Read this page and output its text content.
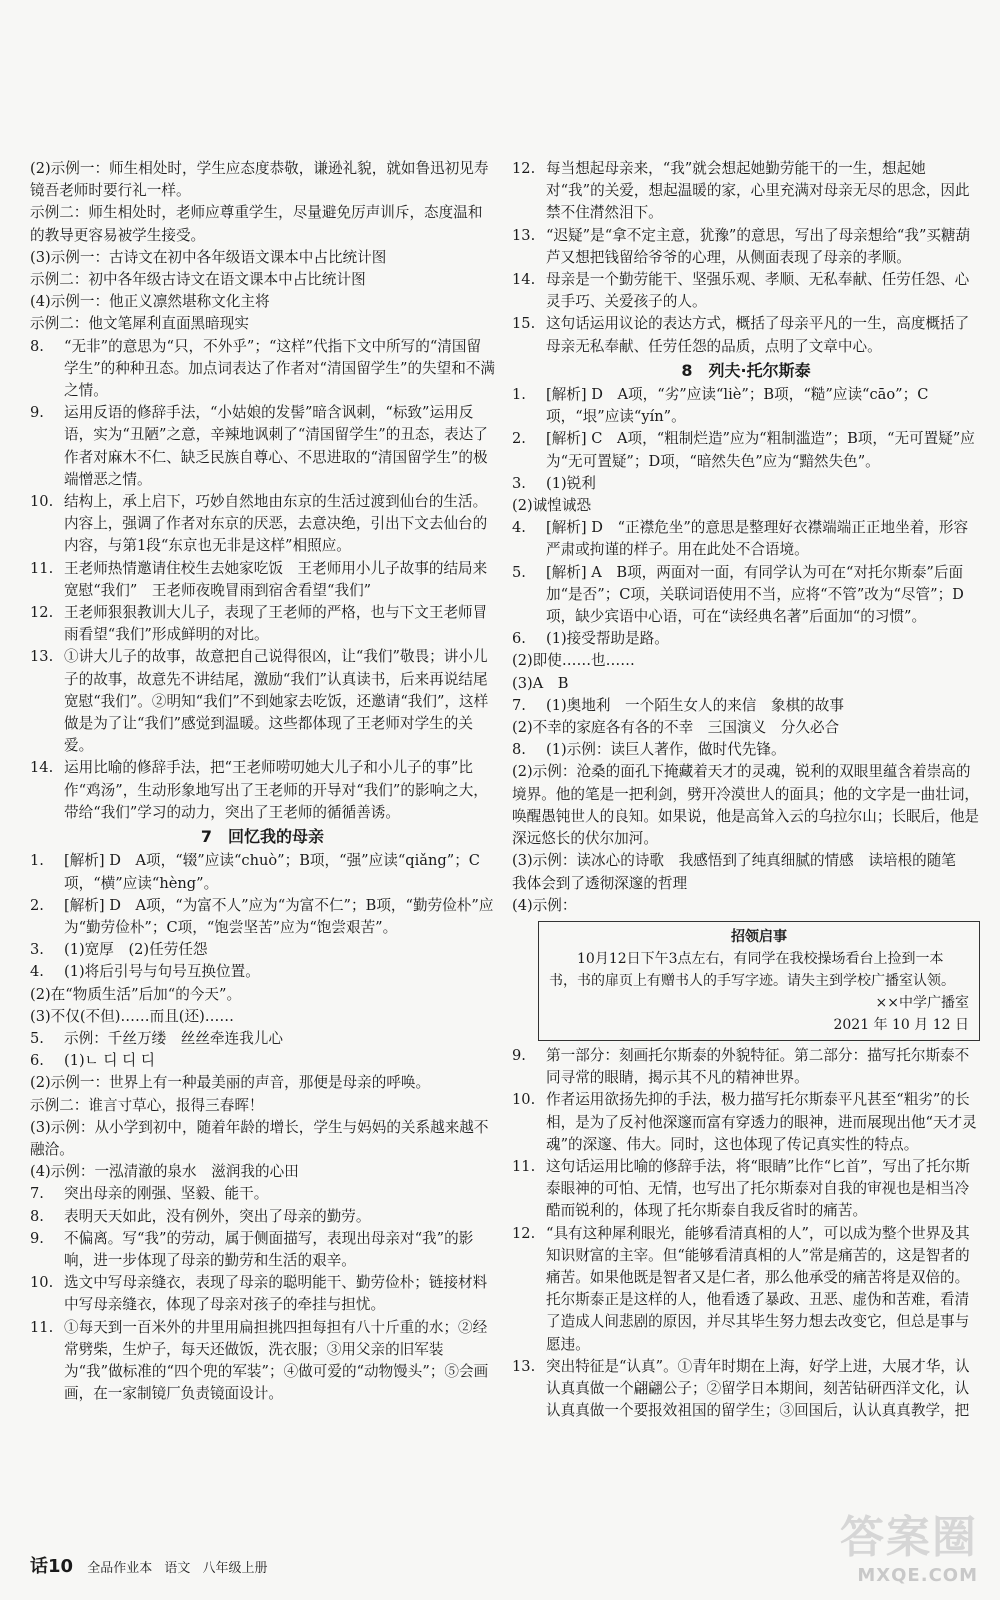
(2)示例一：师生相处时，学生应态度恭敬，谦逊礼貌，就如鲁迅初见寿镜吾老师时要行礼一样。
示例二：师生相处时，老师应尊重学生，尽量避免厉声训斥，态度温和的教导更容易被学生接受。
(3)示例一：古诗文在初中各年级语文课本中占比统计图
示例二：初中各年级古诗文在语文课本中占比统计图
(4)示例一：他正义凛然堪称文化主将
示例二：他文笔犀利直面黑暗现实
8.	“无非”的意思为“只，不外乎”；“这样”代指下文中所写的“清国留学生”的种种丑态。加点词表达了作者对“清国留学生”的失望和不满之情。
9.	运用反语的修辞手法，“小姑娘的发髻”暗含讽刺，“标致”运用反语，实为“丑陋”之意，辛辣地讽刺了“清国留学生”的丑态，表达了作者对麻木不仁、缺乏民族自尊心、不思进取的“清国留学生”的极端憎恶之情。
10. 结构上，承上启下，巧妙自然地由东京的生活过渡到仙台的生活。内容上，强调了作者对东京的厌恶，去意决绝，引出下文去仙台的内容，与第1段“东京也无非是这样”相照应。
11. 王老师热情邀请住校生去她家吃饭　王老师用小儿子故事的结局来宽慰“我们”　王老师夜晚冒雨到宿舍看望“我们”
12. 王老师狠狠教训大儿子，表现了王老师的严格，也与下文王老师冒雨看望“我们”形成鲜明的对比。
13. ①讲大儿子的故事，故意把自己说得很凶，让“我们”敬畏；讲小儿子的故事，故意先不讲结尾，激励“我们”认真读书，后来再说结尾宽慰“我们”。②明知“我们”不到她家去吃饭，还邀请“我们”，这样做是为了让“我们”感觉到温暖。这些都体现了王老师对学生的关爱。
14. 运用比喻的修辞手法，把“王老师唠叨她大儿子和小儿子的事”比作“鸡汤”，生动形象地写出了王老师的开导对“我们”的影响之大，带给“我们”学习的动力，突出了王老师的循循善诱。
7　回忆我的母亲
1.	[解析] D　A项，“辍”应读“chuò”；B项，“强”应读“qiǎng”；C项，“横”应读“hèng”。
2.	[解析] D　A项，“为富不人”应为“为富不仁”；B项，“勤劳俭朴”应为“勤劳俭朴”；C项，“饱尝坚苦”应为“饱尝艰苦”。
3.	(1)宽厚　(2)任劳任怨
4.	(1)将后引号与句号互换位置。
(2)在“物质生活”后加“的今天”。
(3)不仅(不但)……而且(还)……
5.	示例：千丝万缕　丝丝牵连我儿心
6.	(1)ㄴ 디 디 디
(2)示例一：世界上有一种最美丽的声音，那便是母亲的呼唤。
示例二：谁言寸草心，报得三春晖！
(3)示例：从小学到初中，随着年龄的增长，学生与妈妈的关系越来越不融洽。
(4)示例：一泓清澈的泉水　滋润我的心田
7.	突出母亲的刚强、坚毅、能干。
8.	表明天天如此，没有例外，突出了母亲的勤劳。
9.	不偏离。写“我”的劳动，属于侧面描写，表现出母亲对“我”的影响，进一步体现了母亲的勤劳和生活的艰辛。
10. 选文中写母亲缝衣，表现了母亲的聪明能干、勤劳俭朴；链接材料中写母亲缝衣，体现了母亲对孩子的牵挂与担忧。
11. ①每天到一百米外的井里用扁担挑四担每担有八十斤重的水；②经常劈柴，生炉子，每天还做饭，洗衣服；③用父亲的旧军装为“我”做标准的“四个兜的军装”；④做可爱的“动物馒头”；⑤会画画，在一家制镜厂负责镜面设计。
12. 每当想起母亲来，“我”就会想起她勤劳能干的一生，想起她对“我”的关爱，想起温暖的家，心里充满对母亲无尽的思念，因此禁不住潸然泪下。
13. “迟疑”是“拿不定主意，犹豫”的意思，写出了母亲想给“我”买糖葫芦又想把钱留给爷爷的心理，从侧面表现了母亲的孝顺。
14. 母亲是一个勤劳能干、坚强乐观、孝顺、无私奉献、任劳任怨、心灵手巧、关爱孩子的人。
15. 这句话运用议论的表达方式，概括了母亲平凡的一生，高度概括了母亲无私奉献、任劳任怨的品质，点明了文章中心。
8　列夫·托尔斯泰
1.	[解析] D　A项，“劣”应读“liè”；B项，“糙”应读“cāo”；C项，“垠”应读“yín”。
2.	[解析] C　A项，“粗制烂造”应为“粗制滥造”；B项，“无可置疑”应为“无可置疑”；D项，“暗然失色”应为“黯然失色”。
3.	(1)锐利
(2)诚惶诚恐
4.	[解析] D　“正襟危坐”的意思是整理好衣襟端端正正地坐着，形容严肃或拘谨的样子。用在此处不合语境。
5.	[解析] A　B项，两面对一面，有同学认为可在“对托尔斯泰”后面加“是否”；C项，关联词语使用不当，应将“不管”改为“尽管”；D项，缺少宾语中心语，可在“读经典名著”后面加“的习惯”。
6.	(1)接受帮助是路。
(2)即使……也……
(3)A　B
7.	(1)奥地利　一个陌生女人的来信　象棋的故事
(2)不幸的家庭各有各的不幸　三国演义　分久必合
8.	(1)示例：读巨人著作，做时代先锋。
(2)示例：沧桑的面孔下掩藏着天才的灵魂，锐利的双眼里蕴含着崇高的境界。他的笔是一把利剑，劈开冷漠世人的面具；他的文字是一曲壮词，唤醒愚钝世人的良知。如果说，他是高耸入云的乌拉尔山；长眠后，他是深远悠长的伏尔加河。
(3)示例：读冰心的诗歌　我感悟到了纯真细腻的情感　读培根的随笔　我体会到了透彻深邃的哲理
(4)示例：
招领启事
10月12日下午3点左右，有同学在我校操场看台上捡到一本书，书的扉页上有赠书人的手写字迹。请失主到学校广播室认领。
××中学广播室
2021 年 10 月 12 日
9.	第一部分：刻画托尔斯泰的外貌特征。第二部分：描写托尔斯泰不同寻常的眼睛，揭示其不凡的精神世界。
10. 作者运用欲扬先抑的手法，极力描写托尔斯泰平凡甚至“粗劣”的长相，是为了反衬他深邃而富有穿透力的眼神，进而展现出他“天才灵魂”的深邃、伟大。同时，这也体现了传记真实性的特点。
11. 这句话运用比喻的修辞手法，将“眼睛”比作“匕首”，写出了托尔斯泰眼神的可怕、无情，也写出了托尔斯泰对自我的审视也是相当冷酷而锐利的，体现了托尔斯泰自我反省时的痛苦。
12. “具有这种犀利眼光，能够看清真相的人”，可以成为整个世界及其知识财富的主宰。但“能够看清真相的人”常是痛苦的，这是智者的痛苦。如果他既是智者又是仁者，那么他承受的痛苦将是双倍的。托尔斯泰正是这样的人，他看透了暴政、丑恶、虚伪和苦难，看清了造成人间悲剧的原因，并尽其毕生努力想去改变它，但总是事与愿违。
13. 突出特征是“认真”。①青年时期在上海，好学上进，大展才华，认认真真做一个翩翩公子；②留学日本期间，刻苦钻研西洋文化，认认真真做一个要报效祖国的留学生；③回国后，认认真真教学，把
话10 全品作业本 语文 八年级上册
答案圈
MXQE.COM
